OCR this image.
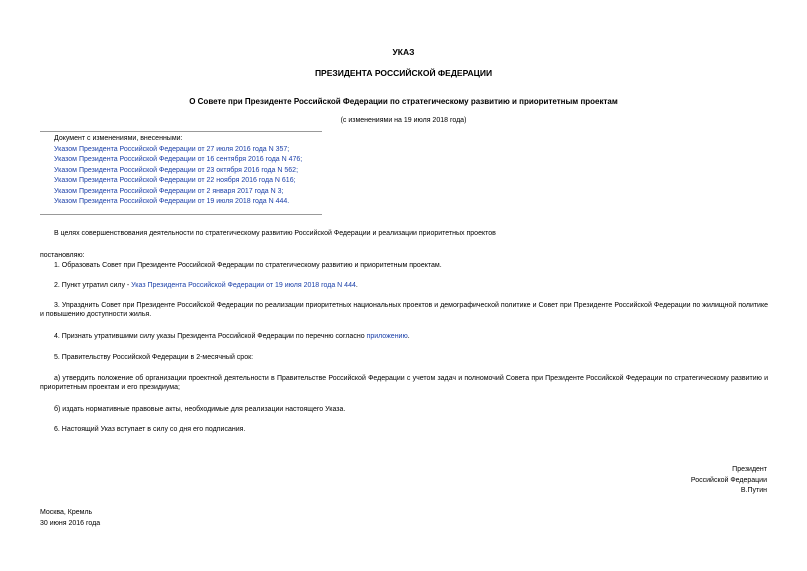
УКАЗ
ПРЕЗИДЕНТА РОССИЙСКОЙ ФЕДЕРАЦИИ
О Совете при Президенте Российской Федерации по стратегическому развитию и приоритетным проектам
(с изменениями на 19 июля 2018 года)
Документ с изменениями, внесенными:
Указом Президента Российской Федерации от 27 июля 2016 года N 357;
Указом Президента Российской Федерации от 16 сентября 2016 года N 476;
Указом Президента Российской Федерации от 23 октября 2016 года N 562;
Указом Президента Российской Федерации от 22 ноября 2016 года N 616;
Указом Президента Российской Федерации от 2 января 2017 года N 3;
Указом Президента Российской Федерации от 19 июля 2018 года N 444.
В целях совершенствования деятельности по стратегическому развитию Российской Федерации и реализации приоритетных проектов
постановляю:
1. Образовать Совет при Президенте Российской Федерации по стратегическому развитию и приоритетным проектам.
2. Пункт утратил силу - Указ Президента Российской Федерации от 19 июля 2018 года N 444.
3. Упразднить Совет при Президенте Российской Федерации по реализации приоритетных национальных проектов и демографической политике и Совет при Президенте Российской Федерации по жилищной политике и повышению доступности жилья.
4. Признать утратившими силу указы Президента Российской Федерации по перечню согласно приложению.
5. Правительству Российской Федерации в 2-месячный срок:
а) утвердить положение об организации проектной деятельности в Правительстве Российской Федерации с учетом задач и полномочий Совета при Президенте Российской Федерации по стратегическому развитию и приоритетным проектам и его президиума;
б) издать нормативные правовые акты, необходимые для реализации настоящего Указа.
6. Настоящий Указ вступает в силу со дня его подписания.
Президент
Российской Федерации
В.Путин
Москва, Кремль
30 июня 2016 года
